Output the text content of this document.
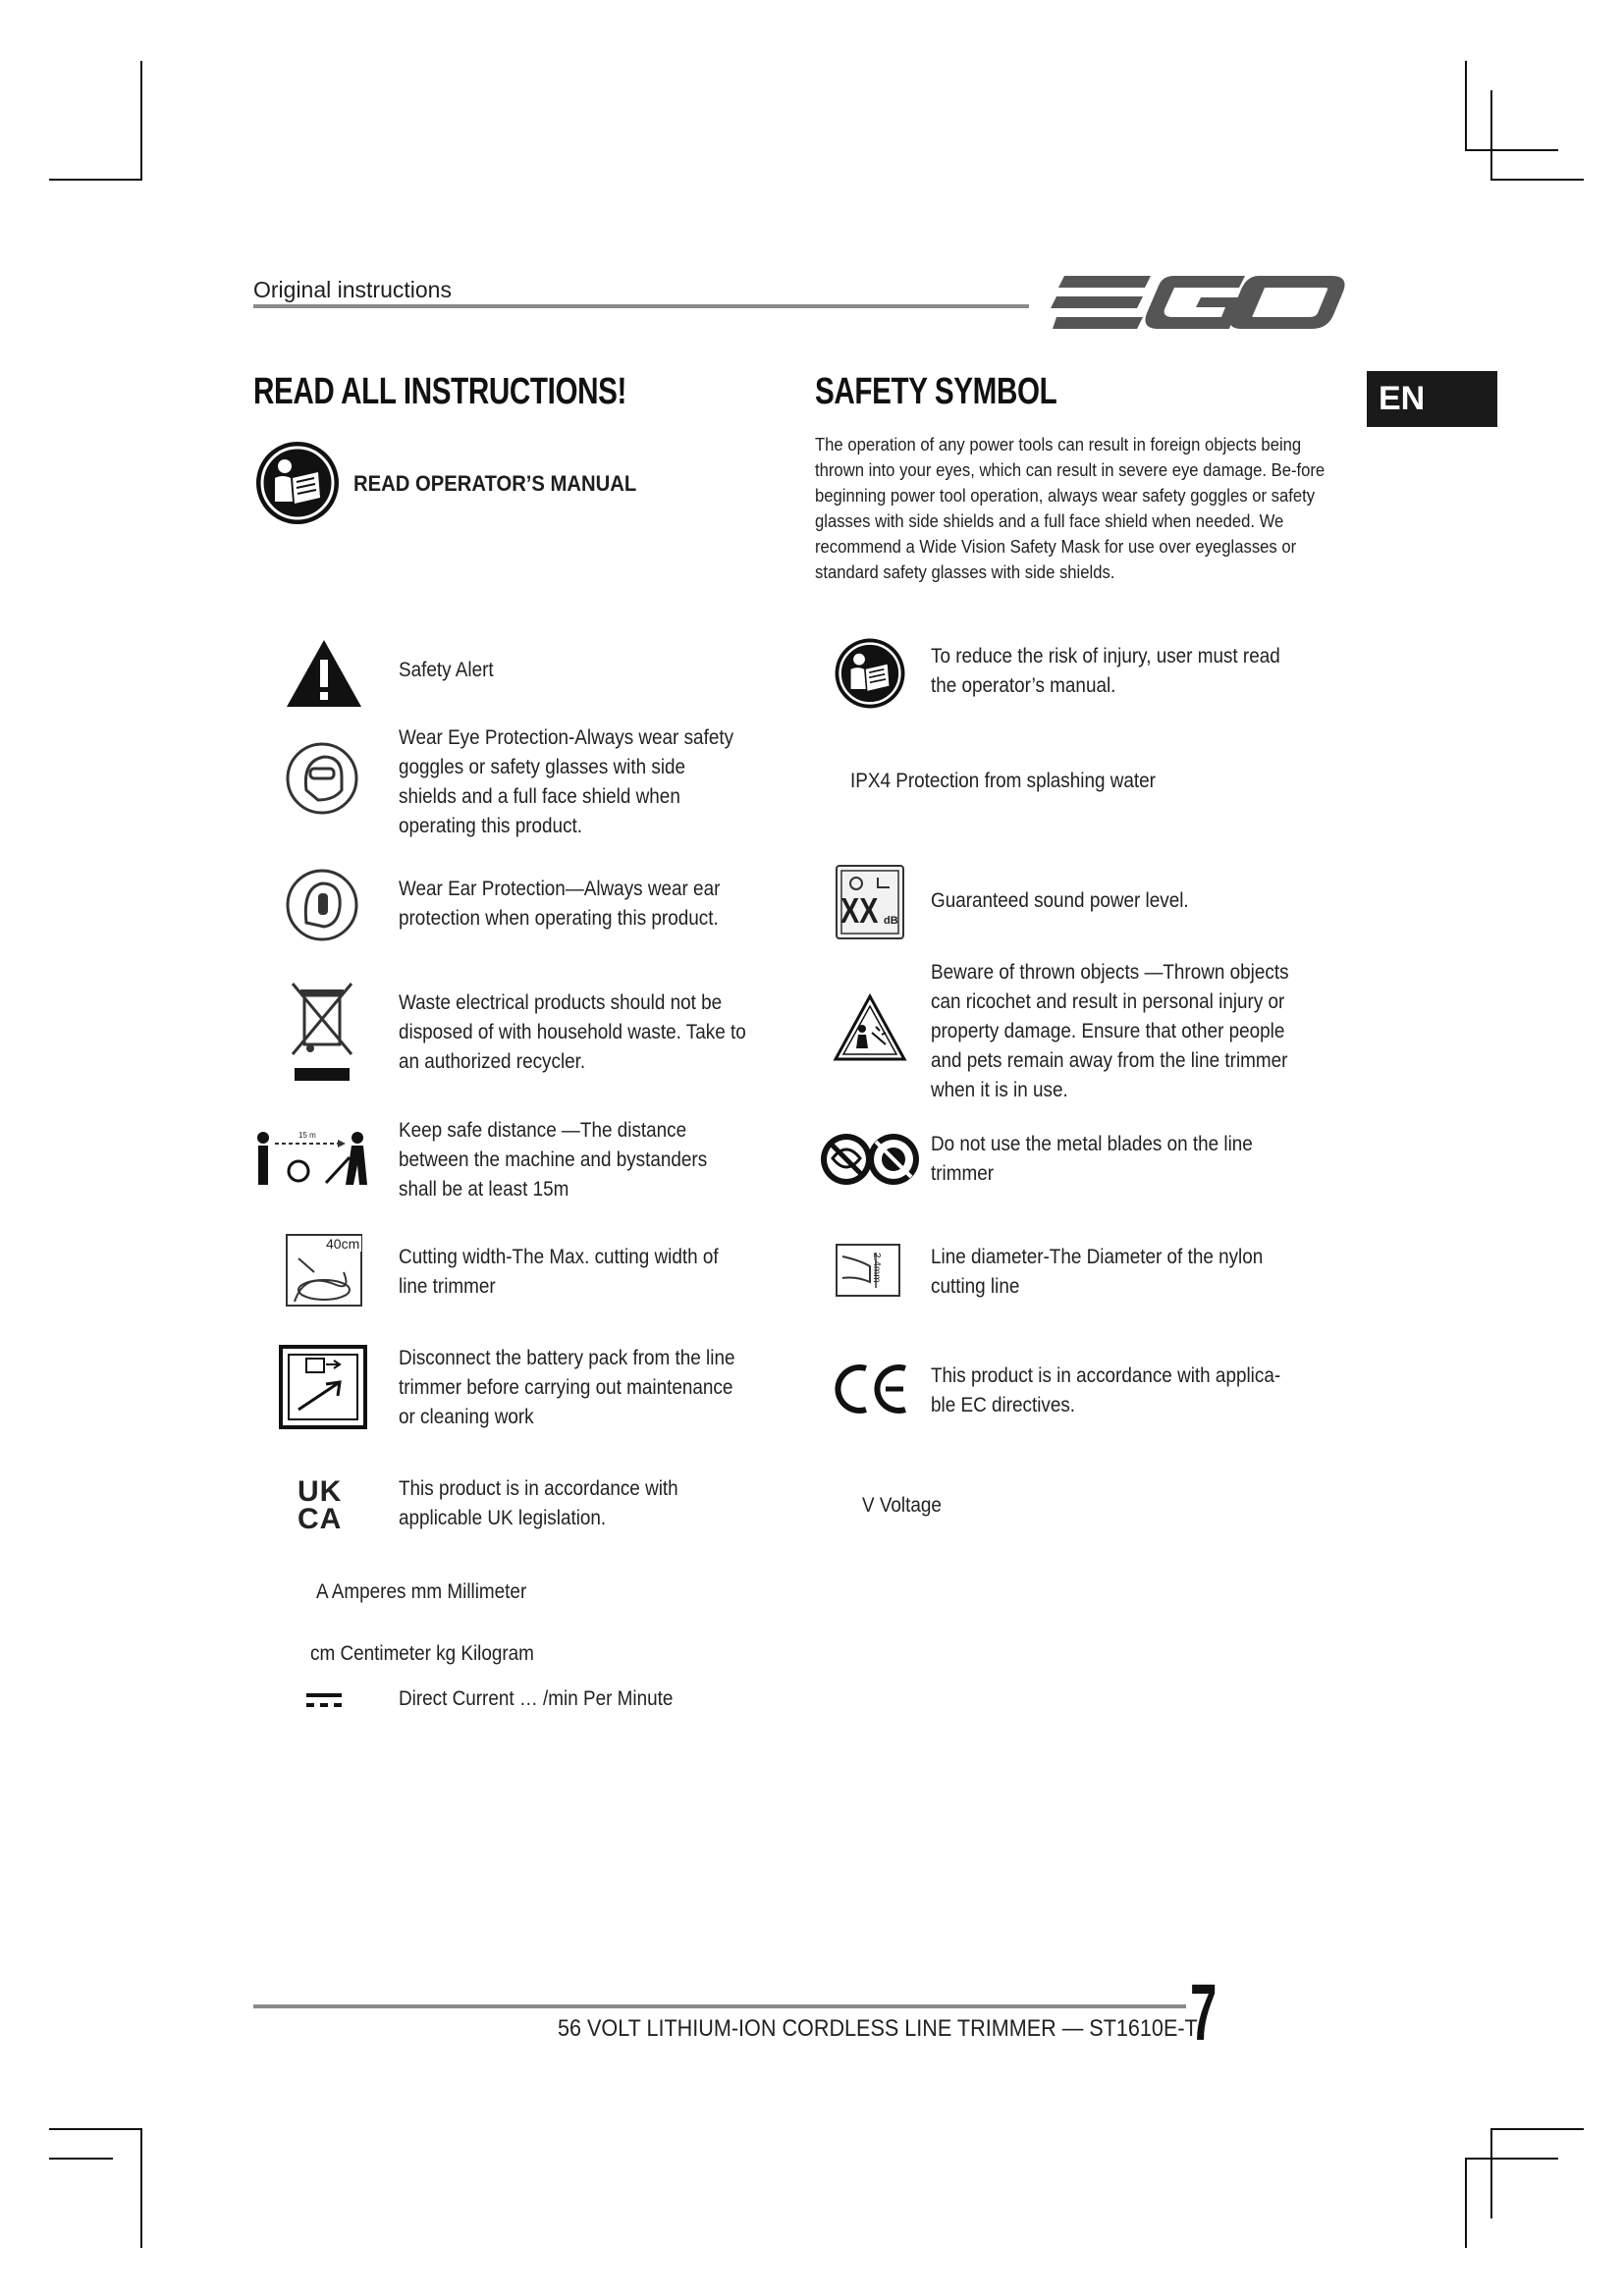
Original instructions
EN
READ ALL INSTRUCTIONS!
READ OPERATOR’S MANUAL
SAFETY SYMBOL
The operation of any power tools can result in foreign objects being thrown into your eyes, which can result in severe eye damage. Be-fore beginning power tool operation, always wear safety goggles or safety glasses with side shields and a full face shield when needed. We recommend a Wide Vision Safety Mask for use over eyeglasses or standard safety glasses with side shields.
Safety Alert
Wear Eye Protection-Always wear safety goggles or safety glasses with side shields and a full face shield when operating this product.
Wear Ear Protection—Always wear ear protection when operating this product.
Waste electrical products should not be disposed of with household waste. Take to an authorized recycler.
15 m	Keep safe distance —The distance between the machine and bystanders shall be at least 15m
40cm
Cutting width-The Max. cutting width of line trimmer
Disconnect the battery pack from the line trimmer before carrying out maintenance or cleaning work
UK
CA
This product is in accordance with applicable UK legislation.
A Amperes mm Millimeter
cm Centimeter kg Kilogram
Direct Current … /min Per Minute
To reduce the risk of injury, user must read the operator’s manual.
IPX4 Protection from splashing water
XX dB
Guaranteed sound power level.
Beware of thrown objects —Thrown objects can ricochet and result in personal injury or property damage. Ensure that other people and pets remain away from the line trimmer when it is in use.
Do not use the metal blades on the line trimmer
2.4mm Line diameter-The Diameter of the nylon cutting line
This product is in accordance with applica-ble EC directives.
V Voltage
56 VOLT LITHIUM-ION CORDLESS LINE TRIMMER — ST1610E-T
7
